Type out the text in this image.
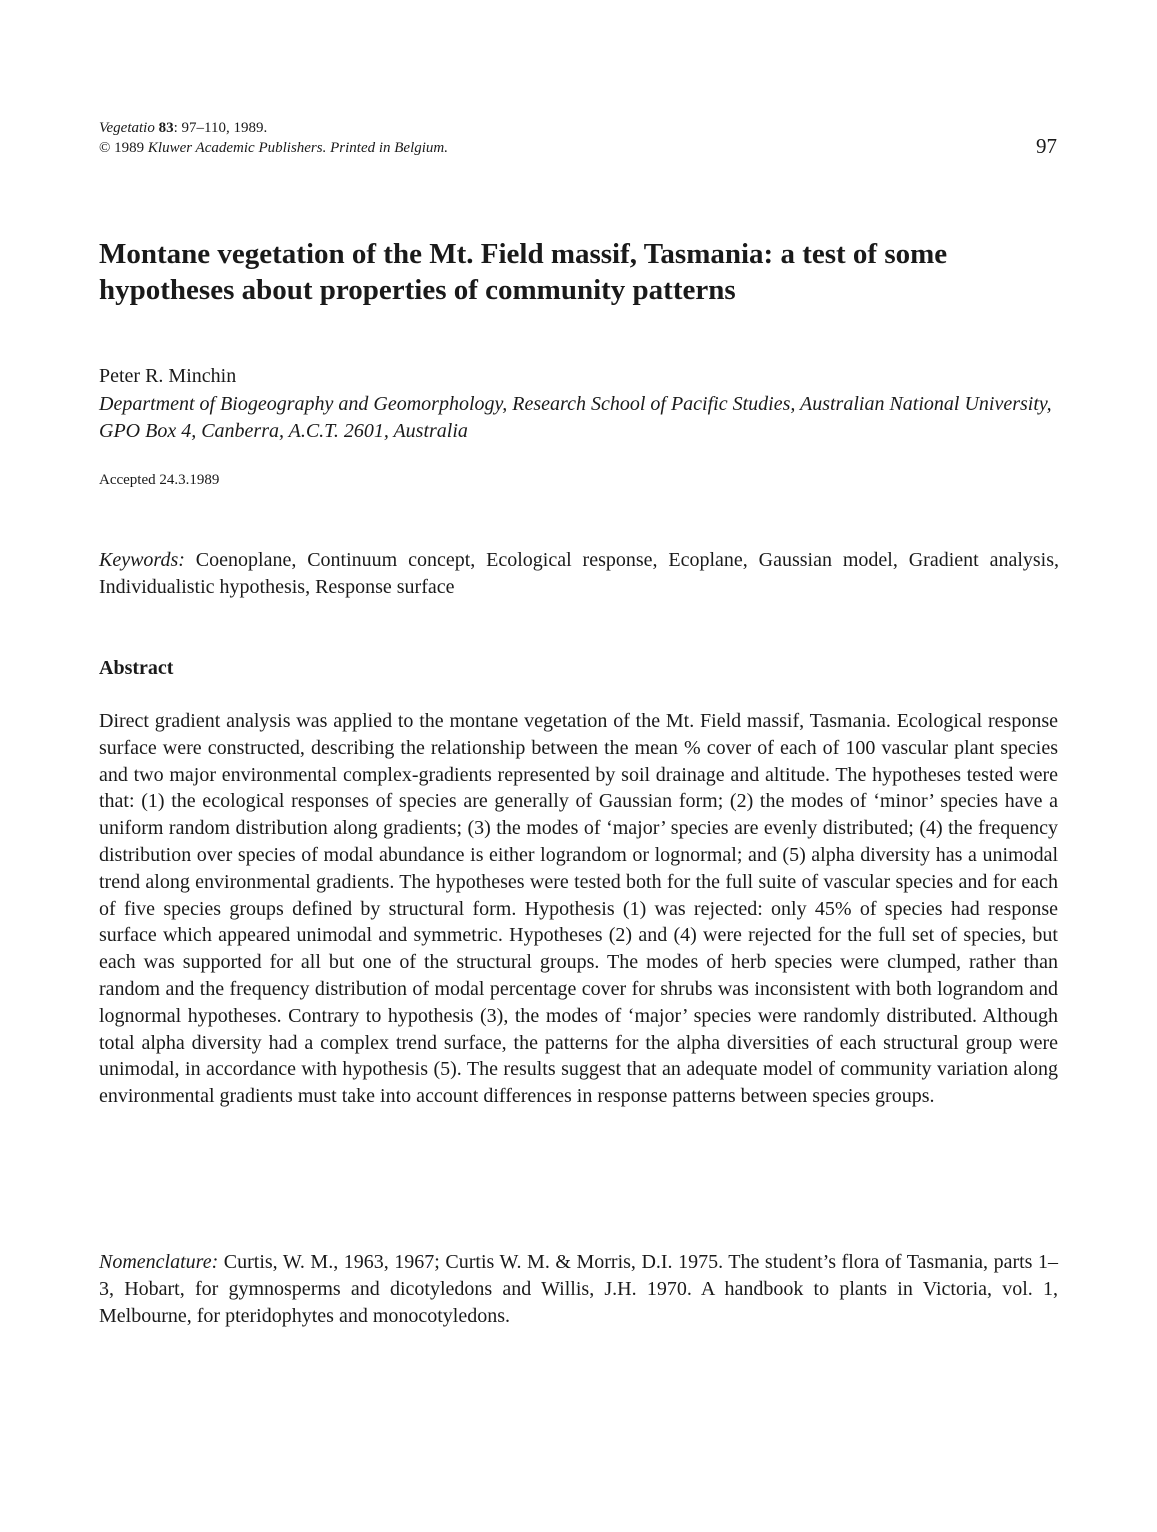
Vegetatio 83: 97–110, 1989.
© 1989 Kluwer Academic Publishers. Printed in Belgium.	97
Montane vegetation of the Mt. Field massif, Tasmania: a test of some hypotheses about properties of community patterns
Peter R. Minchin
Department of Biogeography and Geomorphology, Research School of Pacific Studies, Australian National University, GPO Box 4, Canberra, A.C.T. 2601, Australia
Accepted 24.3.1989
Keywords: Coenoplane, Continuum concept, Ecological response, Ecoplane, Gaussian model, Gradient analysis, Individualistic hypothesis, Response surface
Abstract

Direct gradient analysis was applied to the montane vegetation of the Mt. Field massif, Tasmania. Ecological response surface were constructed, describing the relationship between the mean % cover of each of 100 vascular plant species and two major environmental complex-gradients represented by soil drainage and altitude. The hypotheses tested were that: (1) the ecological responses of species are generally of Gaussian form; (2) the modes of ‘minor’ species have a uniform random distribution along gradients; (3) the modes of ‘major’ species are evenly distributed; (4) the frequency distribution over species of modal abundance is either lograndom or lognormal; and (5) alpha diversity has a unimodal trend along environmental gradients. The hypotheses were tested both for the full suite of vascular species and for each of five species groups defined by structural form. Hypothesis (1) was rejected: only 45% of species had response surface which appeared unimodal and symmetric. Hypotheses (2) and (4) were rejected for the full set of species, but each was supported for all but one of the structural groups. The modes of herb species were clumped, rather than random and the frequency distribution of modal percentage cover for shrubs was inconsistent with both lograndom and lognormal hypotheses. Contrary to hypothesis (3), the modes of ‘major’ species were randomly distributed. Although total alpha diversity had a complex trend surface, the patterns for the alpha diversities of each structural group were unimodal, in accordance with hypothesis (5). The results suggest that an adequate model of community variation along environmental gradients must take into account differences in response patterns between species groups.

Nomenclature: Curtis, W. M., 1963, 1967; Curtis W. M. & Morris, D.I. 1975. The student’s flora of Tasmania, parts 1–3, Hobart, for gymnosperms and dicotyledons and Willis, J.H. 1970. A handbook to plants in Victoria, vol. 1, Melbourne, for pteridophytes and monocotyledons.
